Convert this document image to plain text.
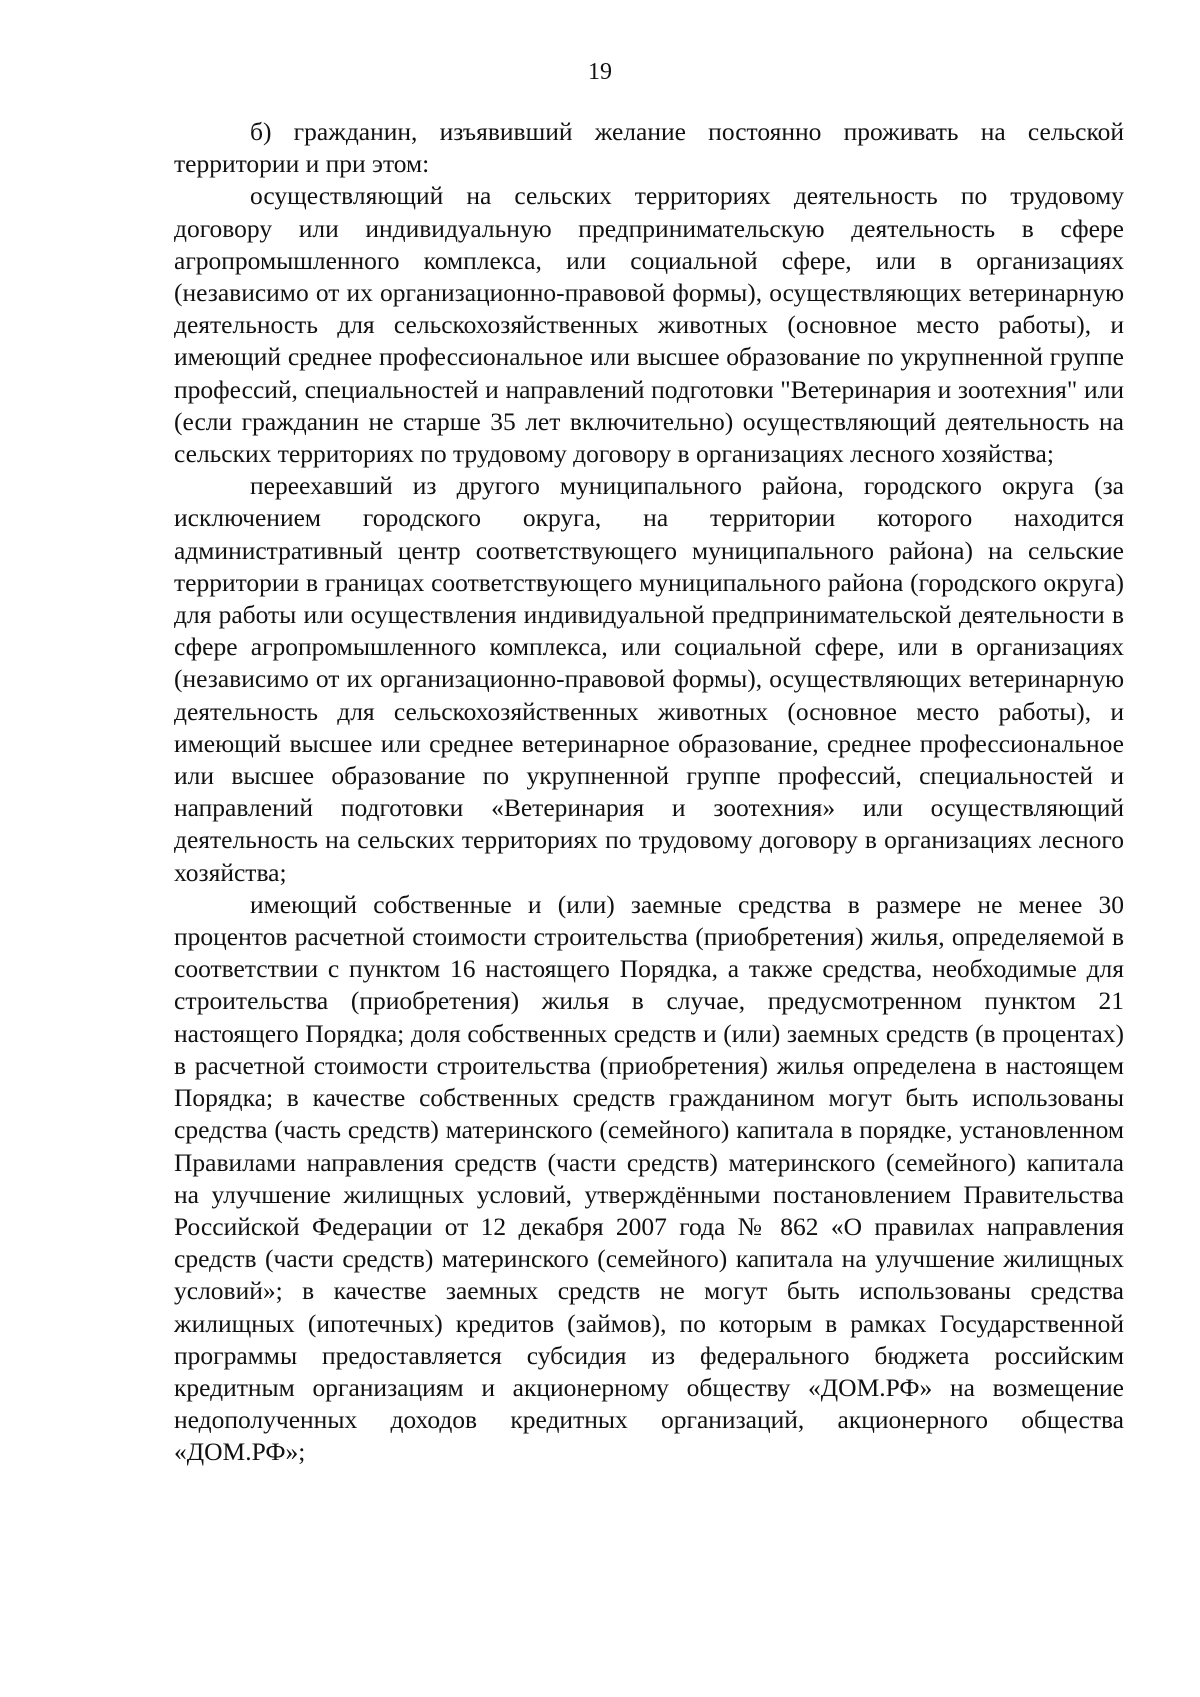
19

б) гражданин, изъявивший желание постоянно проживать на сельской территории и при этом:

осуществляющий на сельских территориях деятельность по трудовому договору или индивидуальную предпринимательскую деятельность в сфере агропромышленного комплекса, или социальной сфере, или в организациях (независимо от их организационно-правовой формы), осуществляющих ветеринарную деятельность для сельскохозяйственных животных (основное место работы), и имеющий среднее профессиональное или высшее образование по укрупненной группе профессий, специальностей и направлений подготовки "Ветеринария и зоотехния" или (если гражданин не старше 35 лет включительно) осуществляющий деятельность на сельских территориях по трудовому договору в организациях лесного хозяйства;

переехавший из другого муниципального района, городского округа (за исключением городского округа, на территории которого находится административный центр соответствующего муниципального района) на сельские территории в границах соответствующего муниципального района (городского округа) для работы или осуществления индивидуальной предпринимательской деятельности в сфере агропромышленного комплекса, или социальной сфере, или в организациях (независимо от их организационно-правовой формы), осуществляющих ветеринарную деятельность для сельскохозяйственных животных (основное место работы), и имеющий высшее или среднее ветеринарное образование, среднее профессиональное или высшее образование по укрупненной группе профессий, специальностей и направлений подготовки «Ветеринария и зоотехния» или осуществляющий деятельность на сельских территориях по трудовому договору в организациях лесного хозяйства;

имеющий собственные и (или) заемные средства в размере не менее 30 процентов расчетной стоимости строительства (приобретения) жилья, определяемой в соответствии с пунктом 16 настоящего Порядка, а также средства, необходимые для строительства (приобретения) жилья в случае, предусмотренном пунктом 21 настоящего Порядка; доля собственных средств и (или) заемных средств (в процентах) в расчетной стоимости строительства (приобретения) жилья определена в настоящем Порядка; в качестве собственных средств гражданином могут быть использованы средства (часть средств) материнского (семейного) капитала в порядке, установленном Правилами направления средств (части средств) материнского (семейного) капитала на улучшение жилищных условий, утверждёнными постановлением Правительства Российской Федерации от 12 декабря 2007 года № 862 «О правилах направления средств (части средств) материнского (семейного) капитала на улучшение жилищных условий»; в качестве заемных средств не могут быть использованы средства жилищных (ипотечных) кредитов (займов), по которым в рамках Государственной программы предоставляется субсидия из федерального бюджета российским кредитным организациям и акционерному обществу «ДОМ.РФ» на возмещение недополученных доходов кредитных организаций, акционерного общества «ДОМ.РФ»;
